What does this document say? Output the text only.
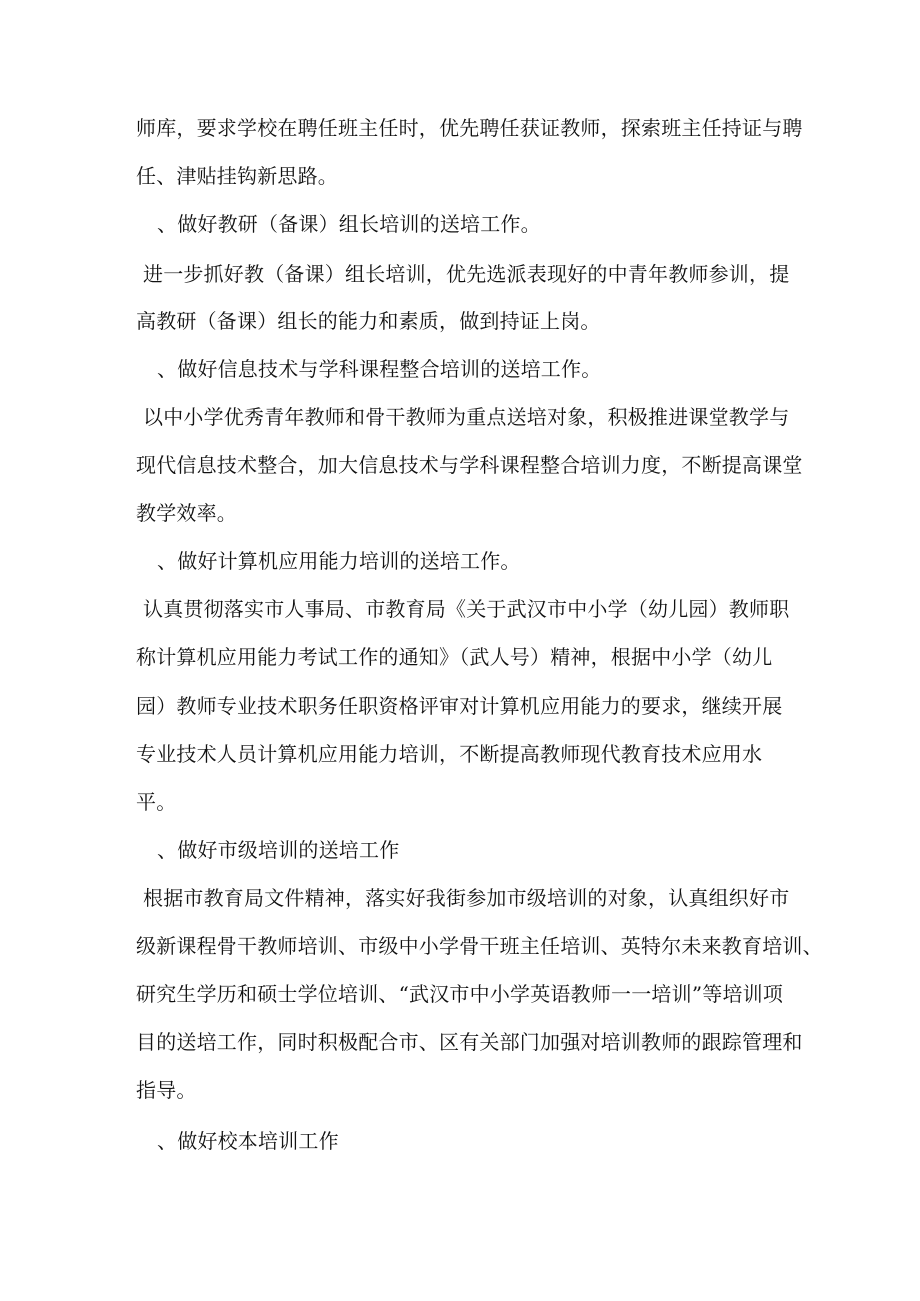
师库，要求学校在聘任班主任时，优先聘任获证教师，探索班主任持证与聘
任、津贴挂钩新思路。
、做好教研（备课）组长培训的送培工作。
进一步抓好教（备课）组长培训，优先选派表现好的中青年教师参训，提
高教研（备课）组长的能力和素质，做到持证上岗。
、做好信息技术与学科课程整合培训的送培工作。
以中小学优秀青年教师和骨干教师为重点送培对象，积极推进课堂教学与
现代信息技术整合，加大信息技术与学科课程整合培训力度，不断提高课堂
教学效率。
、做好计算机应用能力培训的送培工作。
认真贯彻落实市人事局、市教育局《关于武汉市中小学（幼儿园）教师职
称计算机应用能力考试工作的通知》（武人号）精神，根据中小学（幼儿
园）教师专业技术职务任职资格评审对计算机应用能力的要求，继续开展
专业技术人员计算机应用能力培训，不断提高教师现代教育技术应用水
平。
、做好市级培训的送培工作
根据市教育局文件精神，落实好我街参加市级培训的对象，认真组织好市
级新课程骨干教师培训、市级中小学骨干班主任培训、英特尔未来教育培训、
研究生学历和硕士学位培训、“武汉市中小学英语教师一一培训”等培训项
目的送培工作，同时积极配合市、区有关部门加强对培训教师的跟踪管理和
指导。
、做好校本培训工作
